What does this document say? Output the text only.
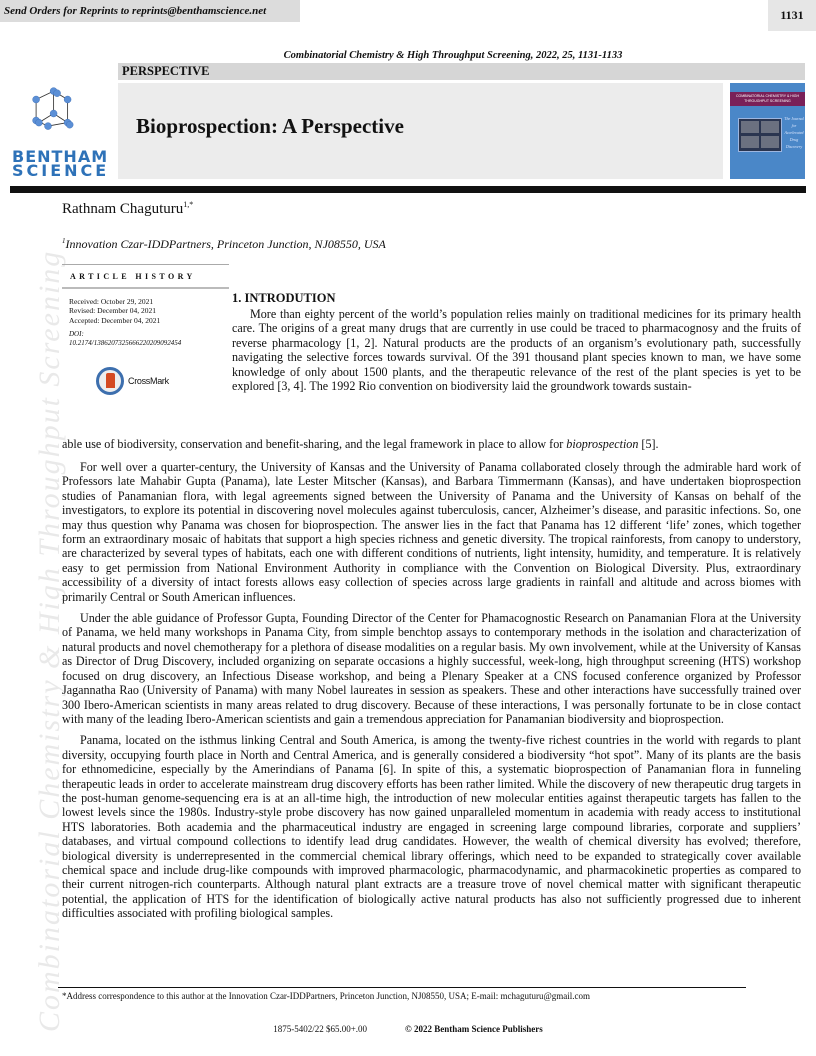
Combinatorial Chemistry & High Throughput Screening
Send Orders for Reprints to reprints@benthamscience.net	1131
Combinatorial Chemistry & High Throughput Screening, 2022, 25, 1131-1133
PERSPECTIVE
BENTHAM
SCIENCE
Bioprospection: A Perspective
COMBINATORIAL CHEMISTRY & HIGH THROUGHPUT SCREENING
The Journal for Accelerated Drug Discovery
Rathnam Chaguturu$^{1,*}$
$^1$Innovation Czar-IDDPartners, Princeton Junction, NJ08550, USA
ARTICLE HISTORY
Received: October 29, 2021
Revised: December 04, 2021
Accepted: December 04, 2021
DOI:
10.2174/1386207325666220209092454
CrossMark
1. INTRODUTION

More than eighty percent of the world’s population relies mainly on traditional medicines for its primary health care. The origins of a great many drugs that are currently in use could be traced to pharmacognosy and the fruits of reverse pharmacology [1, 2]. Natural products are the products of an organism’s evolutionary path, successfully navigating the selective forces towards survival. Of the 391 thousand plant species known to man, we have some knowledge of only about 1500 plants, and the therapeutic relevance of the rest of the plant species is yet to be explored [3, 4]. The 1992 Rio convention on biodiversity laid the groundwork towards sustain-

able use of biodiversity, conservation and benefit-sharing, and the legal framework in place to allow for bioprospection [5].

For well over a quarter-century, the University of Kansas and the University of Panama collaborated closely through the admirable hard work of Professors late Mahabir Gupta (Panama), late Lester Mitscher (Kansas), and Barbara Timmermann (Kansas), and have undertaken bioprospection studies of Panamanian flora, with legal agreements signed between the University of Panama and the University of Kansas on behalf of the investigators, to explore its potential in discovering novel molecules against tuberculosis, cancer, Alzheimer’s disease, and parasitic infections. So, one may thus question why Panama was chosen for bioprospection. The answer lies in the fact that Panama has 12 different ‘life’ zones, which together form an extraordinary mosaic of habitats that support a high species richness and genetic diversity. The tropical rainforests, from canopy to understory, are characterized by several types of habitats, each one with different conditions of nutrients, light intensity, humidity, and temperature. It is relatively easy to get permission from National Environment Authority in compliance with the Convention on Biological Diversity. Plus, extraordinary accessibility of a diversity of intact forests allows easy collection of species across large gradients in rainfall and altitude and across biomes with primarily Central or South American influences.

Under the able guidance of Professor Gupta, Founding Director of the Center for Phamacognostic Research on Panamanian Flora at the University of Panama, we held many workshops in Panama City, from simple benchtop assays to contemporary methods in the isolation and characterization of natural products and novel chemotherapy for a plethora of disease modalities on a regular basis. My own involvement, while at the University of Kansas as Director of Drug Discovery, included organizing on separate occasions a highly successful, week-long, high throughput screening (HTS) workshop focused on drug discovery, an Infectious Disease workshop, and being a Plenary Speaker at a CNS focused conference organized by Professor Jagannatha Rao (University of Panama) with many Nobel laureates in session as speakers. These and other interactions have successfully trained over 300 Ibero-American scientists in many areas related to drug discovery. Because of these interactions, I was personally fortunate to be in close contact with many of the leading Ibero-American scientists and gain a tremendous appreciation for Panamanian biodiversity and bioprospection.

Panama, located on the isthmus linking Central and South America, is among the twenty-five richest countries in the world with regards to plant diversity, occupying fourth place in North and Central America, and is generally considered a biodiversity “hot spot”. Many of its plants are the basis for ethnomedicine, especially by the Amerindians of Panama [6]. In spite of this, a systematic bioprospection of Panamanian flora in funneling therapeutic leads in order to accelerate mainstream drug discovery efforts has been rather limited. While the discovery of new therapeutic drug targets in the post-human genome-sequencing era is at an all-time high, the introduction of new molecular entities against therapeutic targets has fallen to the lowest levels since the 1980s. Industry-style probe discovery has now gained unparalleled momentum in academia with ready access to institutional HTS laboratories. Both academia and the pharmaceutical industry are engaged in screening large compound libraries, corporate and suppliers’ databases, and virtual compound collections to identify lead drug candidates. However, the wealth of chemical diversity has evolved; therefore, biological diversity is underrepresented in the commercial chemical library offerings, which need to be expanded to strategically cover available chemical space and include drug-like compounds with improved pharmacologic, pharmacodynamic, and pharmacokinetic properties as compared to their current nitrogen-rich counterparts. Although natural plant extracts are a treasure trove of novel chemical matter with significant therapeutic potential, the application of HTS for the identification of biologically active natural products has also not sufficiently progressed due to inherent difficulties associated with profiling biological samples.

*Address correspondence to this author at the Innovation Czar-IDDPartners, Princeton Junction, NJ08550, USA; E-mail: mchaguturu@gmail.com
1875-5402/22 $65.00+.00	© 2022 Bentham Science Publishers
